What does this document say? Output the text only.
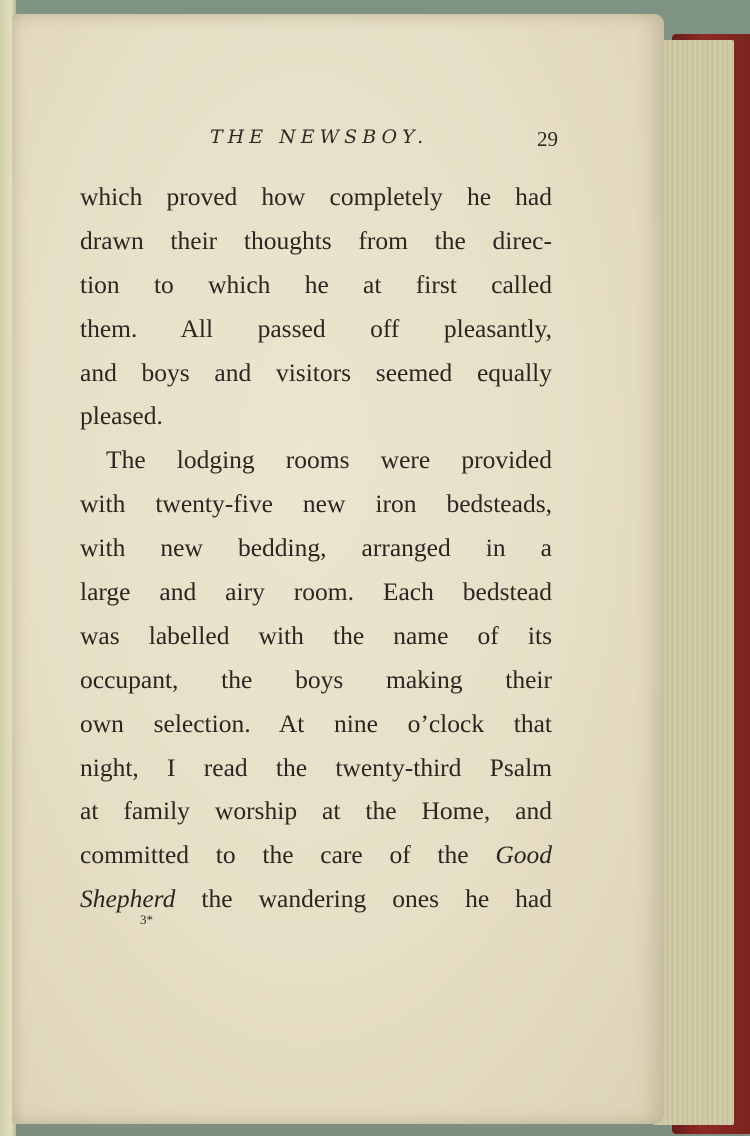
THE NEWSBOY.	29
which proved how completely he had
drawn their thoughts from the direc-
tion to which he at first called
them. All passed off pleasantly,
and boys and visitors seemed equally
pleased.
The lodging rooms were provided
with twenty-five new iron bedsteads,
with new bedding, arranged in a
large and airy room. Each bedstead
was labelled with the name of its
occupant, the boys making their
own selection. At nine o’clock that
night, I read the twenty-third Psalm
at family worship at the Home, and
committed to the care of the Good
Shepherd the wandering ones he had
3*
